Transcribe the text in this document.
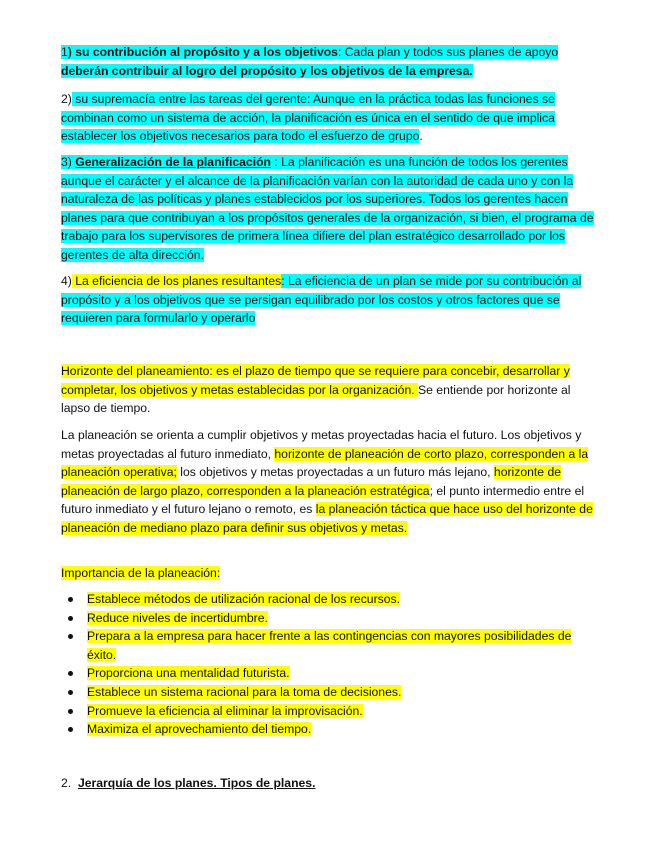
1) su contribución al propósito y a los objetivos: Cada plan y todos sus planes de apoyo
deberán contribuir al logro del propósito y los objetivos de la empresa.

2) su supremacía entre las tareas del gerente: Aunque en la práctica todas las funciones se combinan como un sistema de acción, la planificación es única en el sentido de que implica establecer los objetivos necesarios para todo el esfuerzo de grupo.

3) Generalización de la planificación : La planificación es una función de todos los gerentes aunque el carácter y el alcance de la planificación varían con la autoridad de cada uno y con la naturaleza de las políticas y planes establecidos por los superiores. Todos los gerentes hacen planes para que contribuyan a los propósitos generales de la organización, si bien, el programa de trabajo para los supervisores de primera línea difiere del plan estratégico desarrollado por los gerentes de alta dirección.

4) La eficiencia de los planes resultantes: La eficiencia de un plan se mide por su contribución al propósito y a los objetivos que se persigan equilibrado por los costos y otros factores que se requieren para formularlo y operarlo

Horizonte del planeamiento: es el plazo de tiempo que se requiere para concebir, desarrollar y completar, los objetivos y metas establecidas por la organización. Se entiende por horizonte al lapso de tiempo.

La planeación se orienta a cumplir objetivos y metas proyectadas hacia el futuro. Los objetivos y metas proyectadas al futuro inmediato, horizonte de planeación de corto plazo, corresponden a la planeación operativa; los objetivos y metas proyectadas a un futuro más lejano, horizonte de planeación de largo plazo, corresponden a la planeación estratégica; el punto intermedio entre el futuro inmediato y el futuro lejano o remoto, es la planeación táctica que hace uso del horizonte de planeación de mediano plazo para definir sus objetivos y metas.

Importancia de la planeación:

Establece métodos de utilización racional de los recursos.
Reduce niveles de incertidumbre.
Prepara a la empresa para hacer frente a las contingencias con mayores posibilidades de éxito.
Proporciona una mentalidad futurista.
Establece un sistema racional para la toma de decisiones.
Promueve la eficiencia al eliminar la improvisación.
Maximiza el aprovechamiento del tiempo.

2. Jerarquía de los planes. Tipos de planes.
